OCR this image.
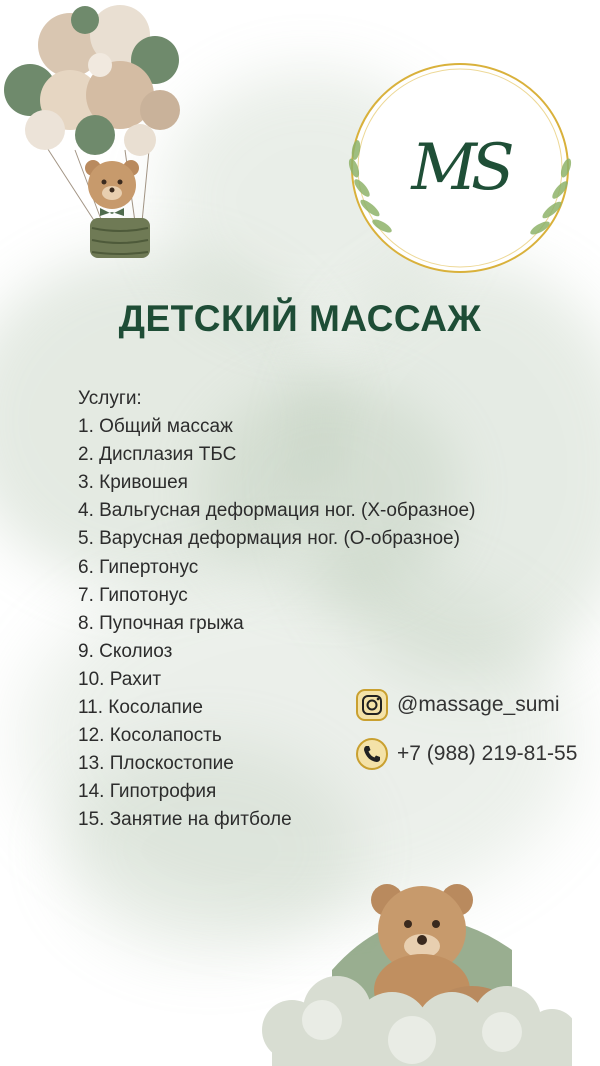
MS
ДЕТСКИЙ МАССАЖ
Услуги:
1. Общий массаж
2. Дисплазия ТБС
3. Кривошея
4. Вальгусная деформация ног. (Х-образное)
5. Варусная деформация ног. (О-образное)
6. Гипертонус
7. Гипотонус
8. Пупочная грыжа
9. Сколиоз
10. Рахит
11. Косолапие
12. Косолапость
13. Плоскостопие
14. Гипотрофия
15. Занятие на фитболе
@massage_sumi
+7 (988) 219-81-55
